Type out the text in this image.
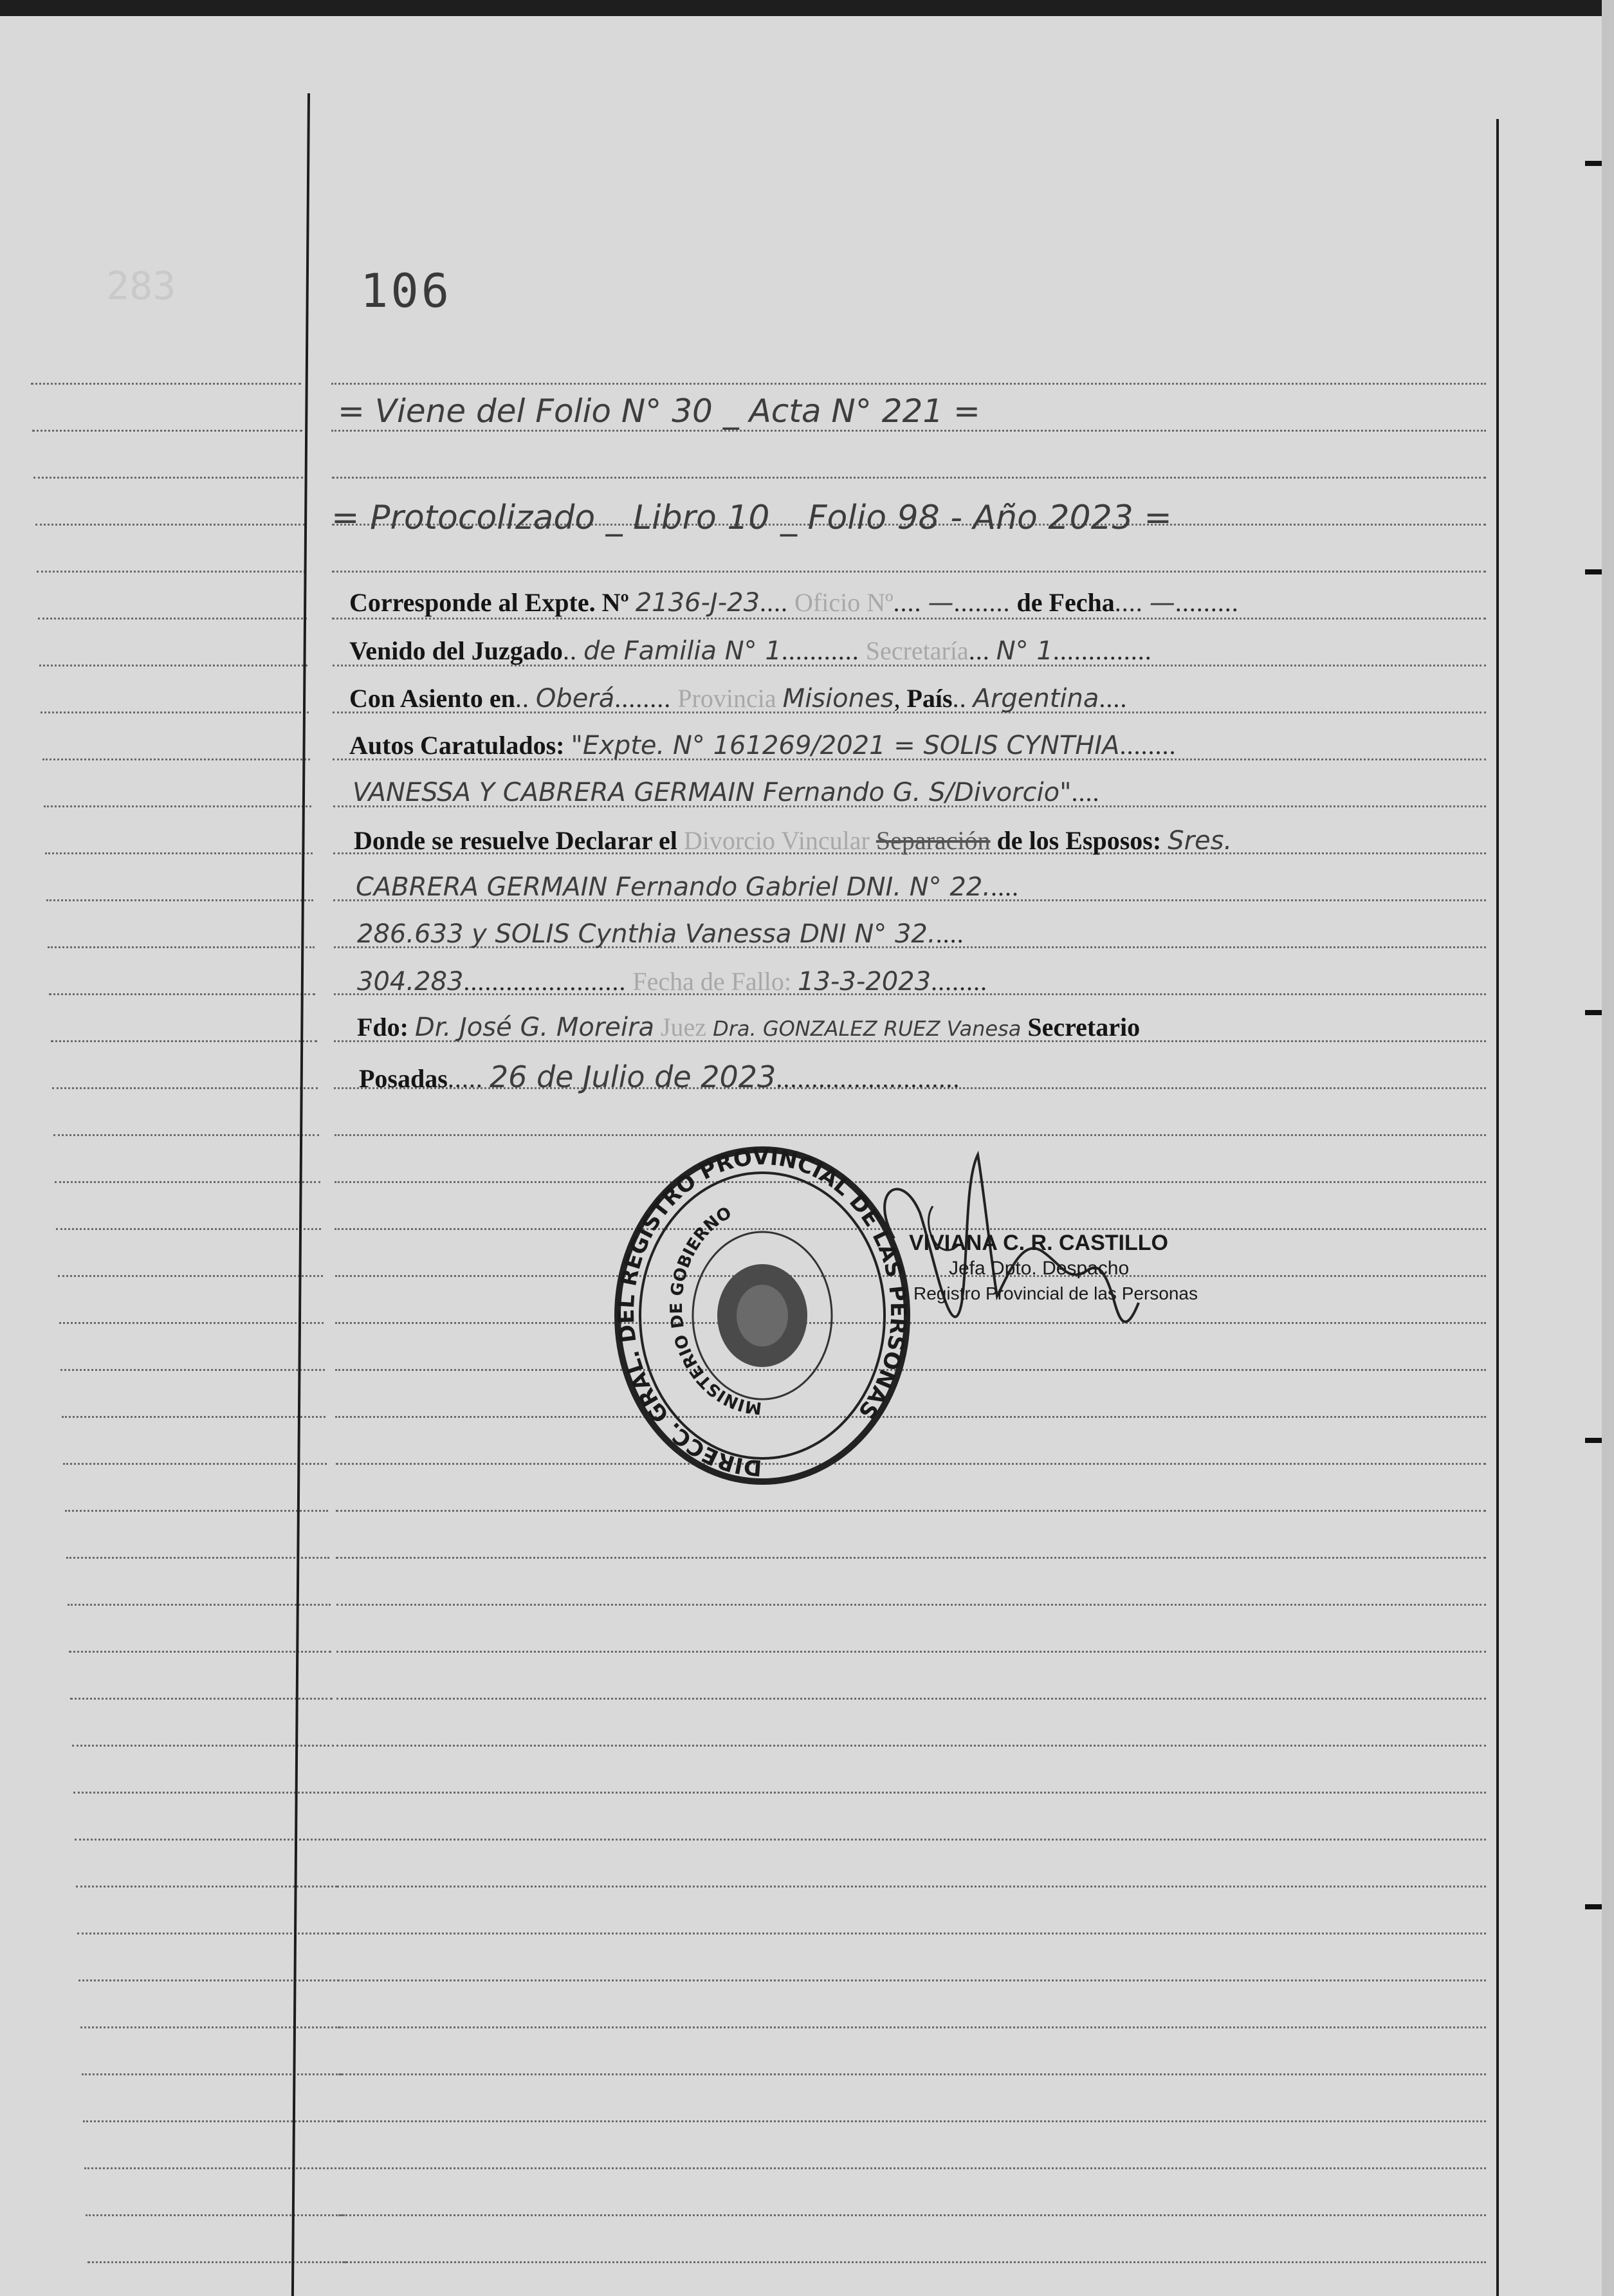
283	106
= Viene del Folio N° 30 _ Acta N° 221 =
= Protocolizado _ Libro 10 _ Folio 98 - Año 2023 =
Corresponde al Expte. Nº 2136-J-23.... Oficio Nº.... —........ de Fecha.... —.........
Venido del Juzgado.. de Familia N° 1........... Secretaría... N° 1..............
Con Asiento en.. Oberá........ Provincia Misiones, País.. Argentina....
Autos Caratulados: "Expte. N° 161269/2021 = SOLIS CYNTHIA........
VANESSA Y CABRERA GERMAIN Fernando G. S/Divorcio"....
Donde se resuelve Declarar el Divorcio Vincular Separación de los Esposos: Sres.
CABRERA GERMAIN Fernando Gabriel DNI. N° 22.....
286.633 y SOLIS Cynthia Vanessa DNI N° 32.....
304.283....................... Fecha de Fallo: 13-3-2023........
Fdo: Dr. José G. Moreira Juez Dra. GONZALEZ RUEZ Vanesa Secretario
Posadas..... 26 de Julio de 2023..........................
DIRECC. GRAL. DEL REGISTRO PROVINCIAL DE LAS PERSONAS
MINISTERIO DE GOBIERNO
VIVIANA C. R. CASTILLO
Jefa Dpto. Despacho
Registro Provincial de las Personas
